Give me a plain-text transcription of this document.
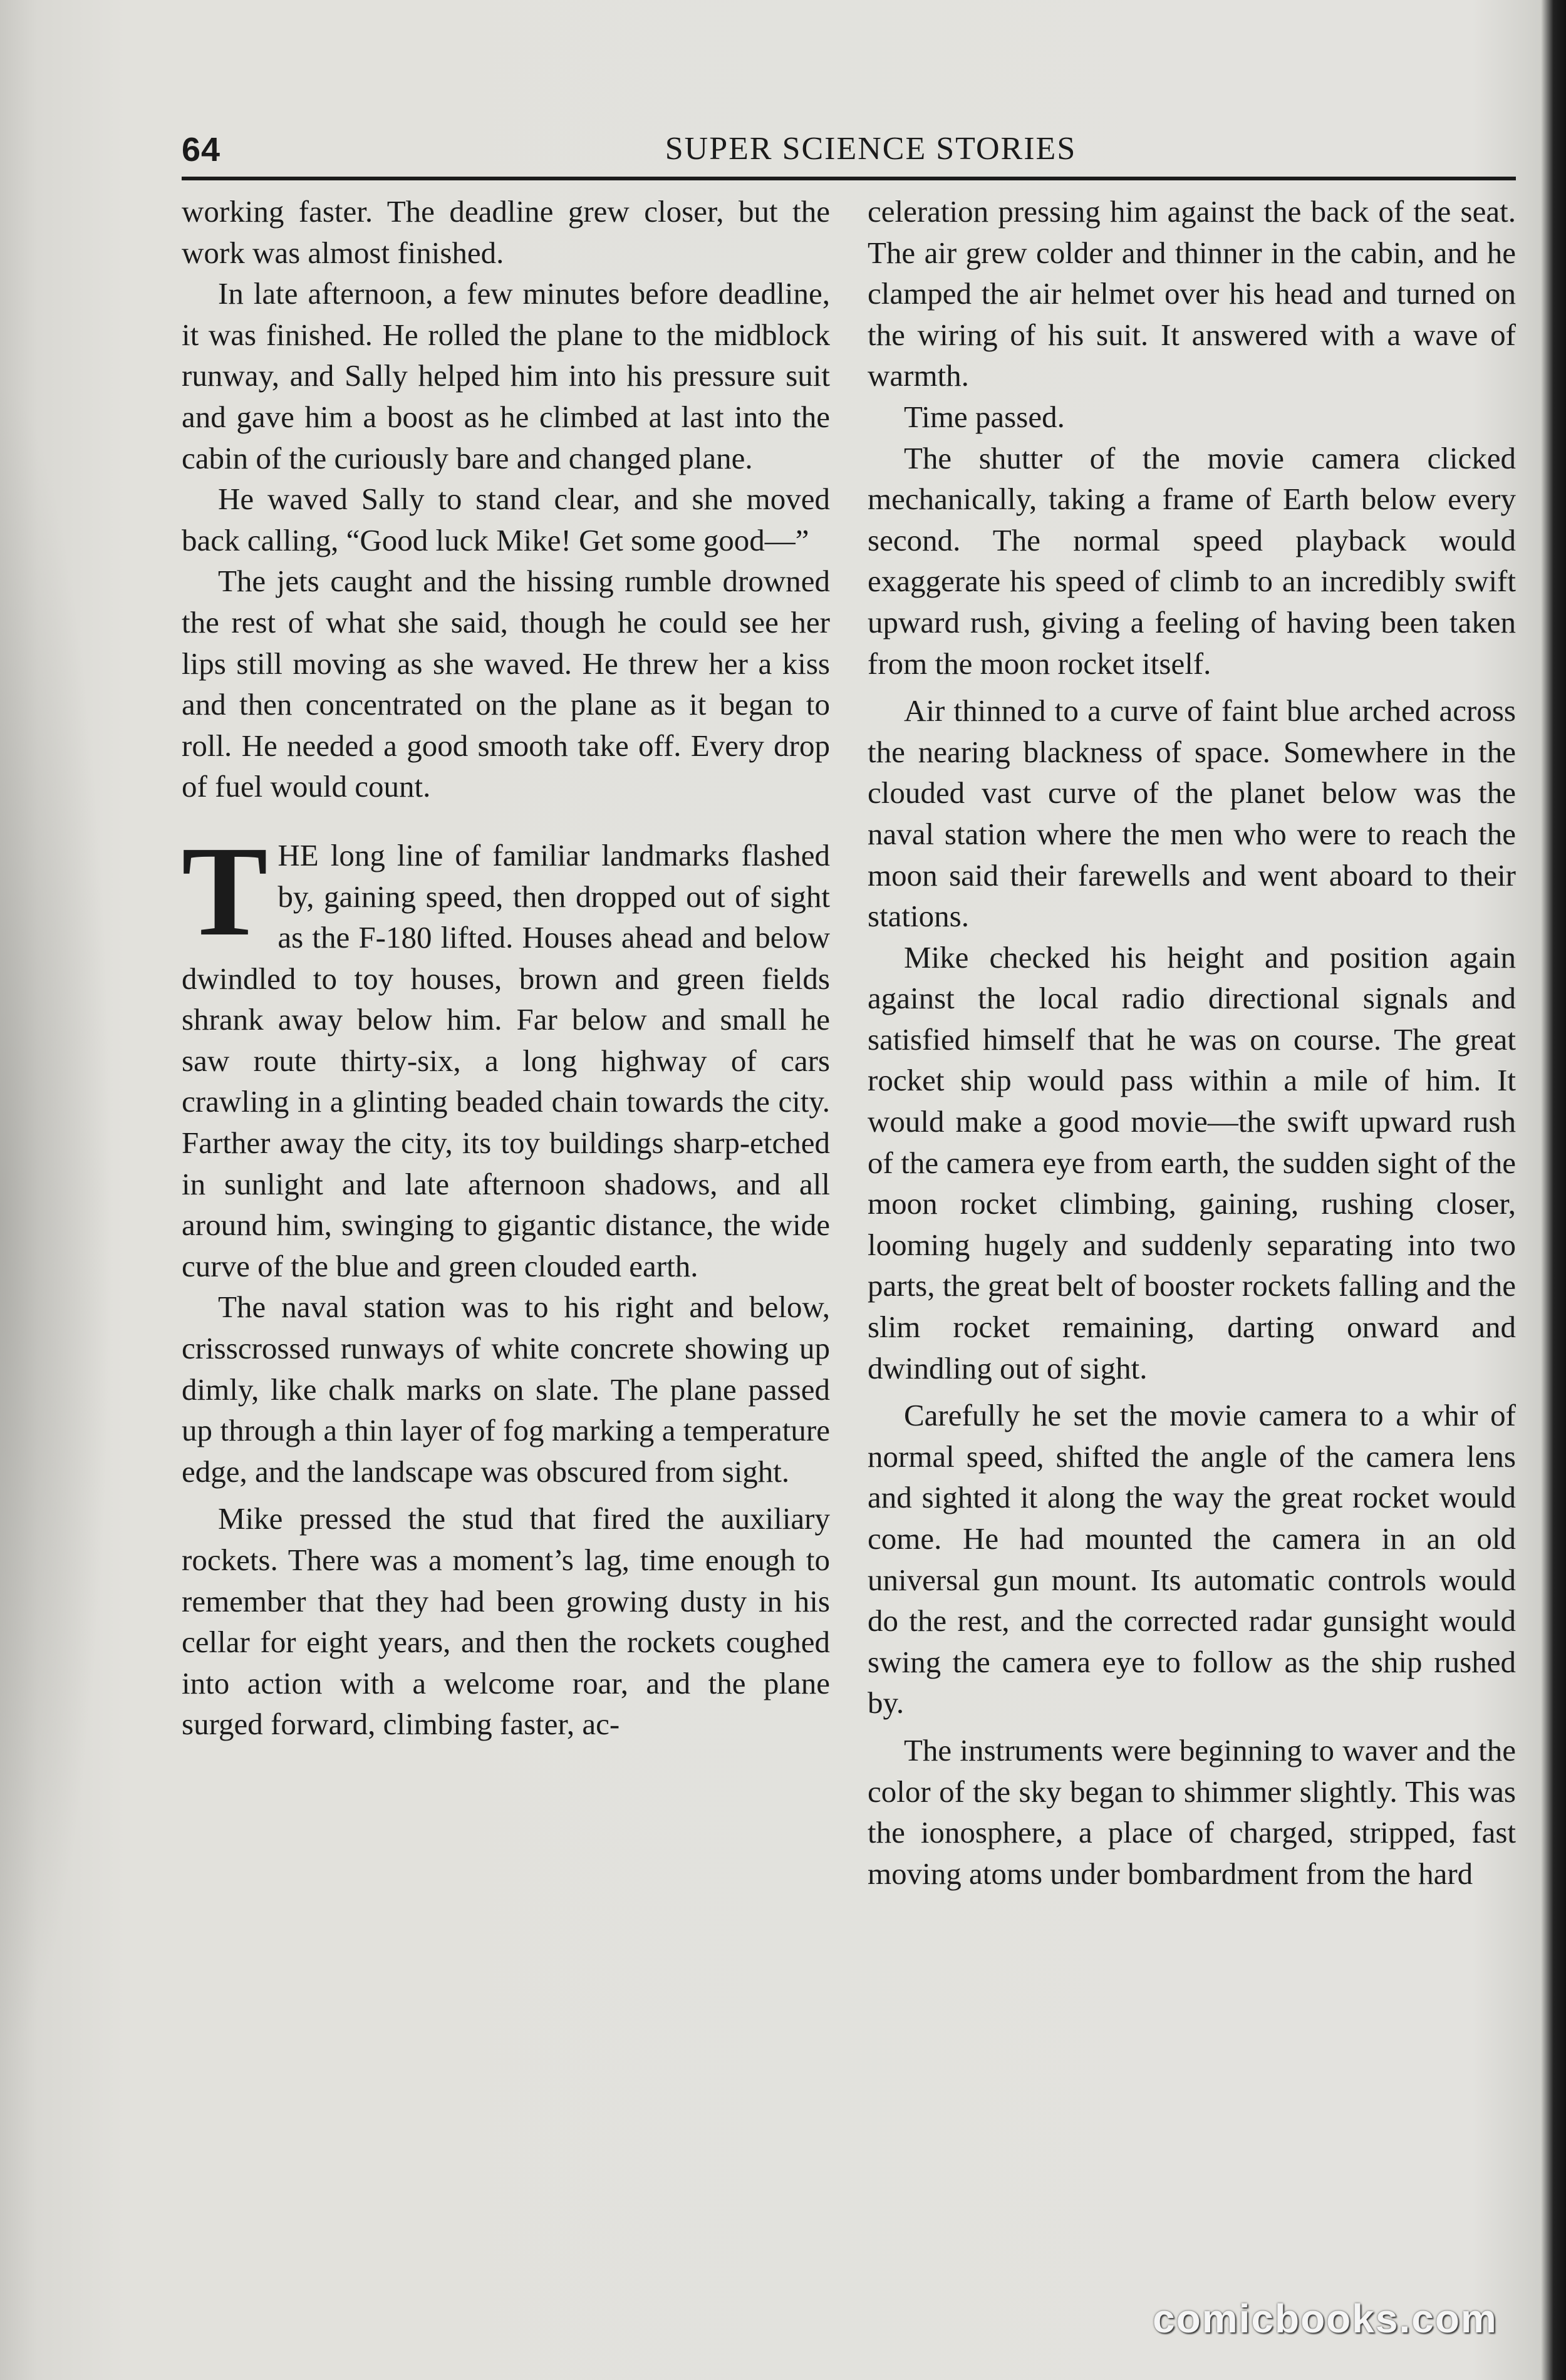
64	SUPER SCIENCE STORIES

working faster. The deadline grew closer, but the work was almost finished.

In late afternoon, a few minutes before deadline, it was finished. He rolled the plane to the midblock runway, and Sally helped him into his pressure suit and gave him a boost as he climbed at last into the cabin of the curiously bare and changed plane.

He waved Sally to stand clear, and she moved back calling, “Good luck Mike! Get some good—”

The jets caught and the hissing rumble drowned the rest of what she said, though he could see her lips still moving as she waved. He threw her a kiss and then concentrated on the plane as it began to roll. He needed a good smooth take off. Every drop of fuel would count.

THE long line of familiar landmarks flashed by, gaining speed, then dropped out of sight as the F-180 lifted. Houses ahead and below dwindled to toy houses, brown and green fields shrank away below him. Far below and small he saw route thirty-six, a long highway of cars crawling in a glinting beaded chain towards the city. Farther away the city, its toy buildings sharp-etched in sunlight and late afternoon shadows, and all around him, swinging to gigantic distance, the wide curve of the blue and green clouded earth.

The naval station was to his right and below, crisscrossed runways of white concrete showing up dimly, like chalk marks on slate. The plane passed up through a thin layer of fog marking a temperature edge, and the landscape was obscured from sight.

Mike pressed the stud that fired the auxiliary rockets. There was a moment’s lag, time enough to remember that they had been growing dusty in his cellar for eight years, and then the rockets coughed into action with a welcome roar, and the plane surged forward, climbing faster, ac-

celeration pressing him against the back of the seat. The air grew colder and thinner in the cabin, and he clamped the air helmet over his head and turned on the wiring of his suit. It answered with a wave of warmth.

Time passed.

The shutter of the movie camera clicked mechanically, taking a frame of Earth below every second. The normal speed playback would exaggerate his speed of climb to an incredibly swift upward rush, giving a feeling of having been taken from the moon rocket itself.

Air thinned to a curve of faint blue arched across the nearing blackness of space. Somewhere in the clouded vast curve of the planet below was the naval station where the men who were to reach the moon said their farewells and went aboard to their stations.

Mike checked his height and position again against the local radio directional signals and satisfied himself that he was on course. The great rocket ship would pass within a mile of him. It would make a good movie—the swift upward rush of the camera eye from earth, the sudden sight of the moon rocket climbing, gaining, rushing closer, looming hugely and suddenly separating into two parts, the great belt of booster rockets falling and the slim rocket remaining, darting onward and dwindling out of sight.

Carefully he set the movie camera to a whir of normal speed, shifted the angle of the camera lens and sighted it along the way the great rocket would come. He had mounted the camera in an old universal gun mount. Its automatic controls would do the rest, and the corrected radar gunsight would swing the camera eye to follow as the ship rushed by.

The instruments were beginning to waver and the color of the sky began to shimmer slightly. This was the ionosphere, a place of charged, stripped, fast moving atoms under bombardment from the hard

comicbooks.com
